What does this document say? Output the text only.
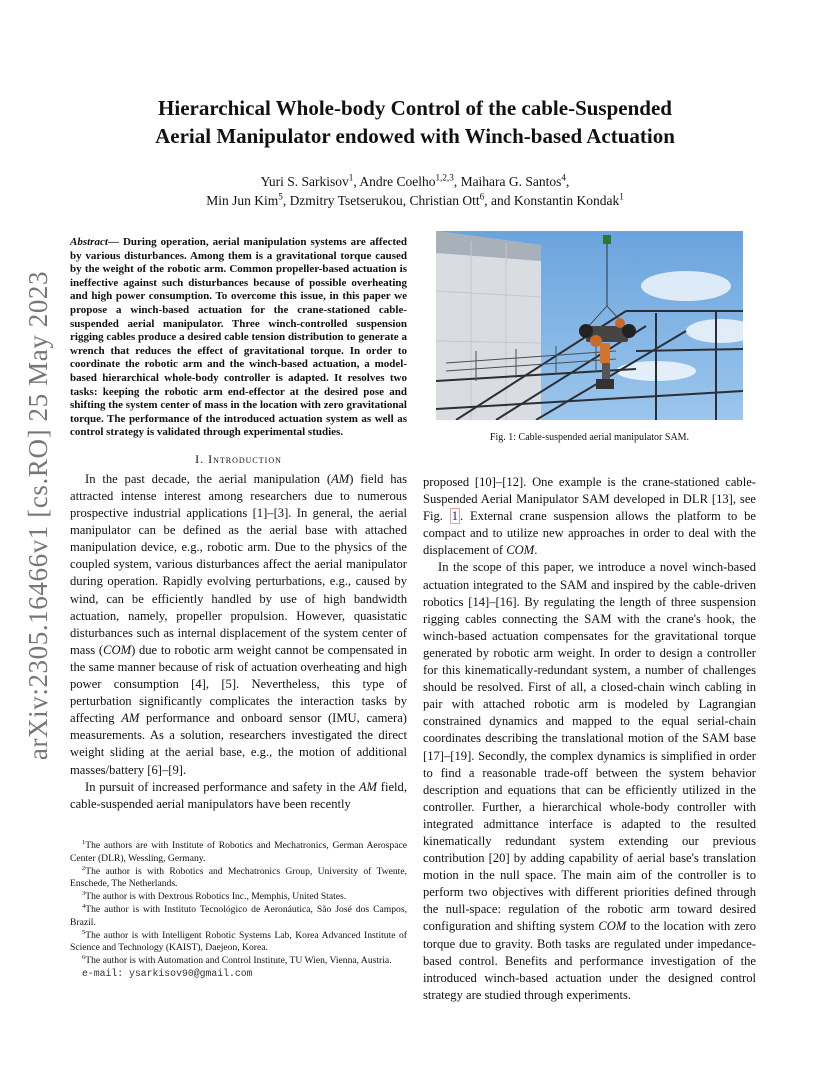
arXiv:2305.16466v1 [cs.RO] 25 May 2023
Hierarchical Whole-body Control of the cable-Suspended
Aerial Manipulator endowed with Winch-based Actuation
Yuri S. Sarkisov$^1$, Andre Coelho$^{1,2,3}$, Maihara G. Santos$^4$,
Min Jun Kim$^5$, Dzmitry Tsetserukou, Christian Ott$^6$, and Konstantin Kondak$^1$
Abstract— During operation, aerial manipulation systems are affected by various disturbances. Among them is a gravitational torque caused by the weight of the robotic arm. Common propeller-based actuation is ineffective against such disturbances because of possible overheating and high power consumption. To overcome this issue, in this paper we propose a winch-based actuation for the crane-stationed cable-suspended aerial manipulator. Three winch-controlled suspension rigging cables produce a desired cable tension distribution to generate a wrench that reduces the effect of gravitational torque. In order to coordinate the robotic arm and the winch-based actuation, a model-based hierarchical whole-body controller is adapted. It resolves two tasks: keeping the robotic arm end-effector at the desired pose and shifting the system center of mass in the location with zero gravitational torque. The performance of the introduced actuation system as well as control strategy is validated through experimental studies.
I. Introduction

In the past decade, the aerial manipulation (AM) field has attracted intense interest among researchers due to numerous prospective industrial applications [1]–[3]. In general, the aerial manipulator can be defined as the aerial base with attached manipulation device, e.g., robotic arm. Due to the physics of the coupled system, various disturbances affect the aerial manipulator during operation. Rapidly evolving perturbations, e.g., caused by wind, can be efficiently handled by use of high bandwidth actuation, namely, propeller propulsion. However, quasistatic disturbances such as internal displacement of the system center of mass (COM) due to robotic arm weight cannot be compensated in the same manner because of risk of actuation overheating and high power consumption [4], [5]. Nevertheless, this type of perturbation significantly complicates the interaction tasks by affecting AM performance and onboard sensor (IMU, camera) measurements. As a solution, researchers investigated the direct weight sliding at the aerial base, e.g., the motion of additional masses/battery [6]–[9].

In pursuit of increased performance and safety in the AM field, cable-suspended aerial manipulators have been recently

$^1$The authors are with Institute of Robotics and Mechatronics, German Aerospace Center (DLR), Wessling, Germany.

$^2$The author is with Robotics and Mechatronics Group, University of Twente, Enschede, The Netherlands.

$^3$The author is with Dextrous Robotics Inc., Memphis, United States.

$^4$The author is with Instituto Tecnológico de Aeronáutica, São José dos Campos, Brazil.

$^5$The author is with Intelligent Robotic Systems Lab, Korea Advanced Institute of Science and Technology (KAIST), Daejeon, Korea.

$^6$The author is with Automation and Control Institute, TU Wien, Vienna, Austria.

e-mail: ysarkisov90@gmail.com
Fig. 1: Cable-suspended aerial manipulator SAM.

proposed [10]–[12]. One example is the crane-stationed cable-Suspended Aerial Manipulator SAM developed in DLR [13], see Fig. 1 . External crane suspension allows the platform to be compact and to utilize new approaches in order to deal with the displacement of COM.

In the scope of this paper, we introduce a novel winch-based actuation integrated to the SAM and inspired by the cable-driven robotics [14]–[16]. By regulating the length of three suspension rigging cables connecting the SAM with the crane's hook, the winch-based actuation compensates for the gravitational torque generated by robotic arm weight. In order to design a controller for this kinematically-redundant system, a number of challenges should be resolved. First of all, a closed-chain winch cabling in pair with attached robotic arm is modeled by Lagrangian constrained dynamics and mapped to the equal serial-chain coordinates describing the translational motion of the SAM base [17]–[19]. Secondly, the complex dynamics is simplified in order to find a reasonable trade-off between the system behavior description and equations that can be efficiently utilized in the controller. Further, a hierarchical whole-body controller with integrated admittance interface is adapted to the resulted kinematically redundant system extending our previous contribution [20] by adding capability of aerial base's translation motion in the null space. The main aim of the controller is to perform two objectives with different priorities defined through the null-space: regulation of the robotic arm toward desired configuration and shifting system COM to the location with zero torque due to gravity. Both tasks are regulated under impedance-based control. Benefits and performance investigation of the introduced winch-based actuation under the designed control strategy are studied through experiments.
